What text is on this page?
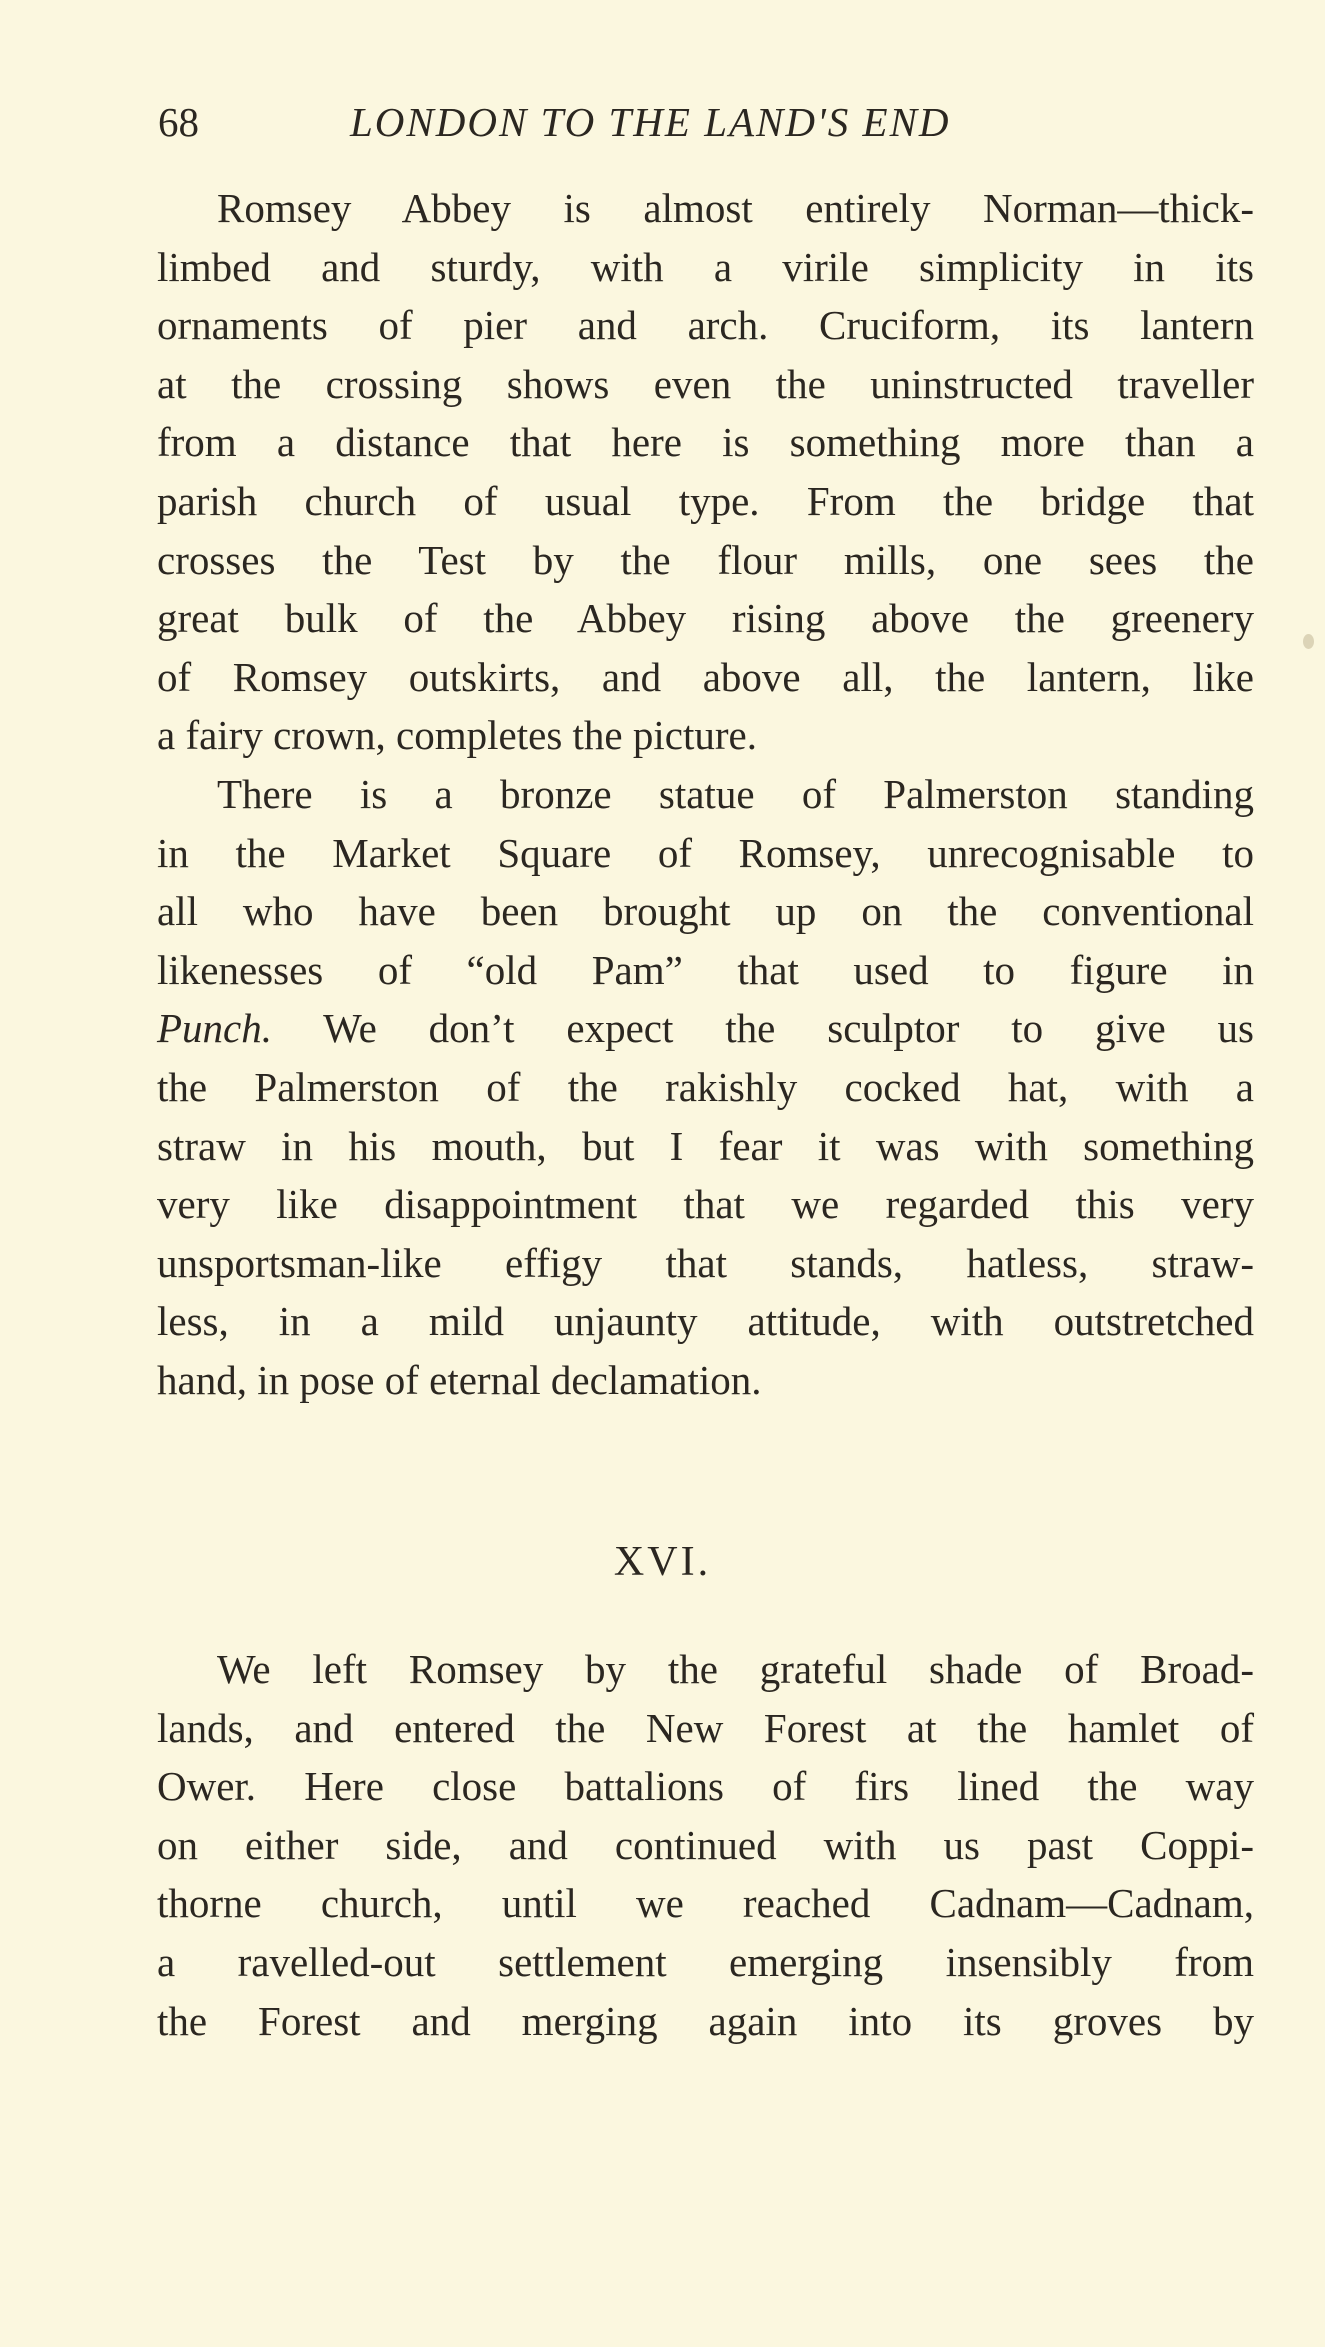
68	LONDON TO THE LAND'S END
Romsey Abbey is almost entirely Norman—thick-
limbed and sturdy, with a virile simplicity in its
ornaments of pier and arch. Cruciform, its lantern
at the crossing shows even the uninstructed traveller
from a distance that here is something more than a
parish church of usual type. From the bridge that
crosses the Test by the flour mills, one sees the
great bulk of the Abbey rising above the greenery
of Romsey outskirts, and above all, the lantern, like
a fairy crown, completes the picture.
There is a bronze statue of Palmerston standing
in the Market Square of Romsey, unrecognisable to
all who have been brought up on the conventional
likenesses of “old Pam” that used to figure in
Punch. We don’t expect the sculptor to give us
the Palmerston of the rakishly cocked hat, with a
straw in his mouth, but I fear it was with something
very like disappointment that we regarded this very
unsportsman-like effigy that stands, hatless, straw-
less, in a mild unjaunty attitude, with outstretched
hand, in pose of eternal declamation.
XVI.
We left Romsey by the grateful shade of Broad-
lands, and entered the New Forest at the hamlet of
Ower. Here close battalions of firs lined the way
on either side, and continued with us past Coppi-
thorne church, until we reached Cadnam—Cadnam,
a ravelled-out settlement emerging insensibly from
the Forest and merging again into its groves by
